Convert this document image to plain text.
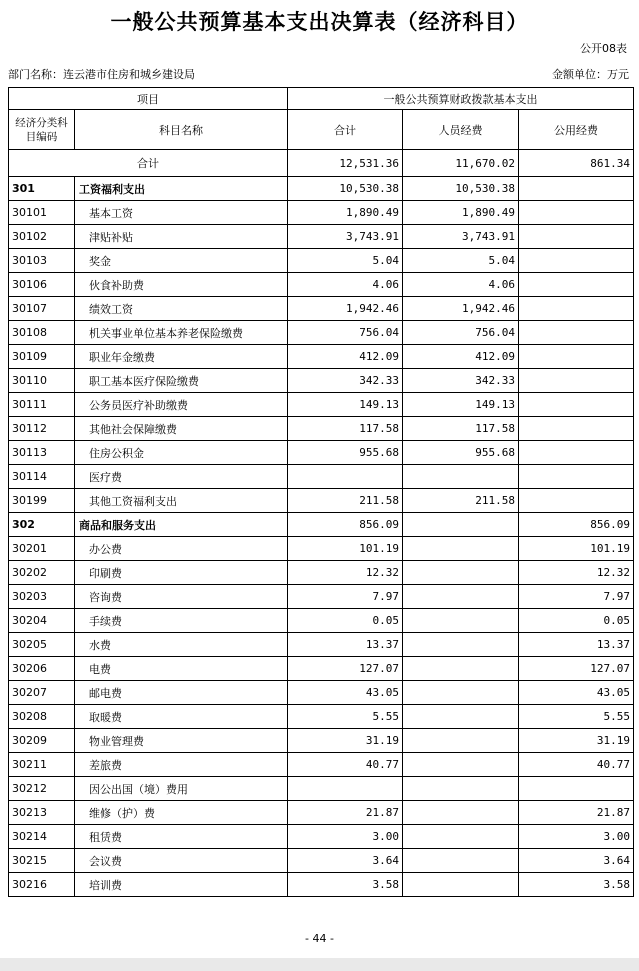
一般公共预算基本支出决算表（经济科目）
公开08表
部门名称：连云港市住房和城乡建设局	金额单位：万元
项目		一般公共预算财政拨款基本支出		
经济分类科目编码	科目名称	合计	人员经费	公用经费
合计		12,531.36	11,670.02	861.34
301	工资福利支出	10,530.38	10,530.38	
30101	基本工资	1,890.49	1,890.49	
30102	津贴补贴	3,743.91	3,743.91	
30103	奖金	5.04	5.04	
30106	伙食补助费	4.06	4.06	
30107	绩效工资	1,942.46	1,942.46	
30108	机关事业单位基本养老保险缴费	756.04	756.04	
30109	职业年金缴费	412.09	412.09	
30110	职工基本医疗保险缴费	342.33	342.33	
30111	公务员医疗补助缴费	149.13	149.13	
30112	其他社会保障缴费	117.58	117.58	
30113	住房公积金	955.68	955.68	
30114	医疗费			
30199	其他工资福利支出	211.58	211.58	
302	商品和服务支出	856.09		856.09
30201	办公费	101.19		101.19
30202	印刷费	12.32		12.32
30203	咨询费	7.97		7.97
30204	手续费	0.05		0.05
30205	水费	13.37		13.37
30206	电费	127.07		127.07
30207	邮电费	43.05		43.05
30208	取暖费	5.55		5.55
30209	物业管理费	31.19		31.19
30211	差旅费	40.77		40.77
30212	因公出国（境）费用			
30213	维修（护）费	21.87		21.87
30214	租赁费	3.00		3.00
30215	会议费	3.64		3.64
30216	培训费	3.58		3.58
- 44 -
